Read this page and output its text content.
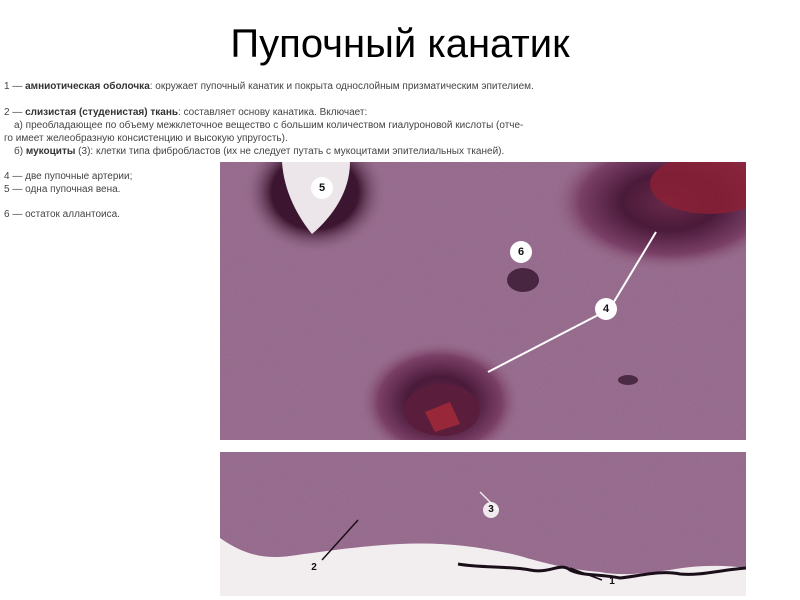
Пупочный канатик
1 — амниотическая оболочка: окружает пупочный канатик и покрыта однослойным призматическим эпителием.
2 — слизистая (студенистая) ткань: составляет основу канатика. Включает:
а) преобладающее по объему межклеточное вещество с большим количеством гиалуроновой кислоты (отче-
го имеет желеобразную консистенцию и высокую упругость).
б) мукоциты (3): клетки типа фибробластов (их не следует путать с мукоцитами эпителиальных тканей).
4 — две пупочные артерии;
5 — одна пупочная вена.
6 — остаток аллантоиса.
5
6
4
2
3
1
